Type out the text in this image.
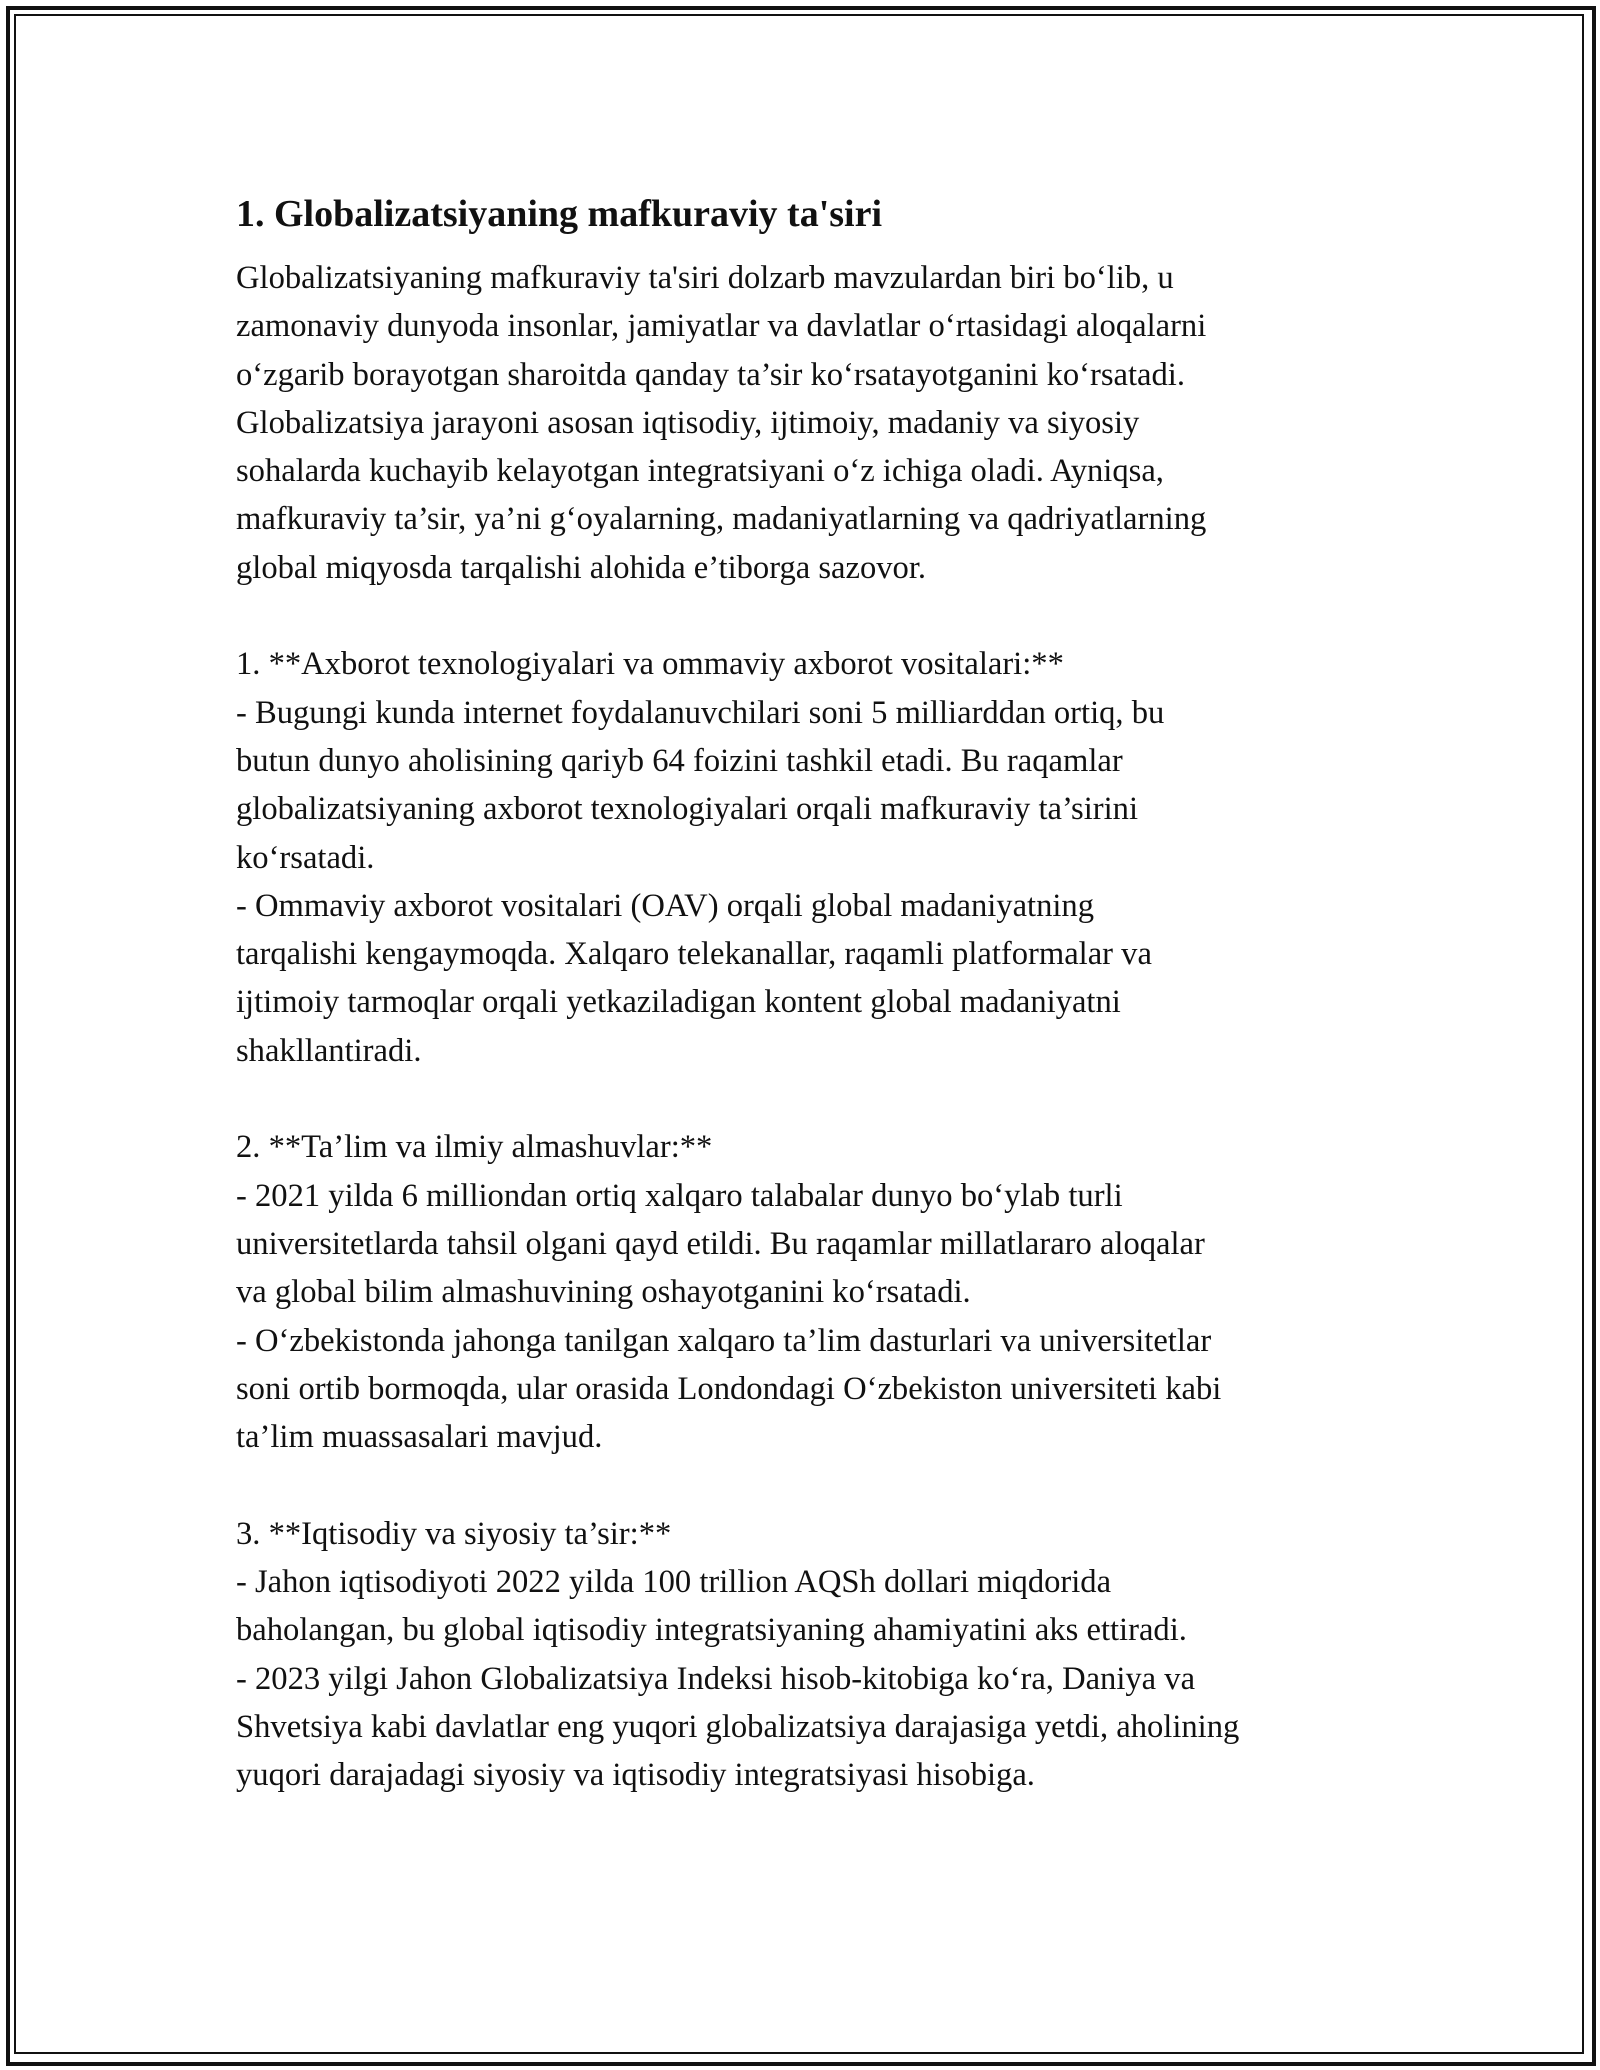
1. Globalizatsiyaning mafkuraviy ta'siri

Globalizatsiyaning mafkuraviy ta'siri dolzarb mavzulardan biri bo‘lib, u
zamonaviy dunyoda insonlar, jamiyatlar va davlatlar o‘rtasidagi aloqalarni
o‘zgarib borayotgan sharoitda qanday ta’sir ko‘rsatayotganini ko‘rsatadi.
Globalizatsiya jarayoni asosan iqtisodiy, ijtimoiy, madaniy va siyosiy
sohalarda kuchayib kelayotgan integratsiyani o‘z ichiga oladi. Ayniqsa,
mafkuraviy ta’sir, ya’ni g‘oyalarning, madaniyatlarning va qadriyatlarning
global miqyosda tarqalishi alohida e’tiborga sazovor.

1. **Axborot texnologiyalari va ommaviy axborot vositalari:**

- Bugungi kunda internet foydalanuvchilari soni 5 milliarddan ortiq, bu
butun dunyo aholisining qariyb 64 foizini tashkil etadi. Bu raqamlar
globalizatsiyaning axborot texnologiyalari orqali mafkuraviy ta’sirini
ko‘rsatadi.

- Ommaviy axborot vositalari (OAV) orqali global madaniyatning
tarqalishi kengaymoqda. Xalqaro telekanallar, raqamli platformalar va
ijtimoiy tarmoqlar orqali yetkaziladigan kontent global madaniyatni
shakllantiradi.

2. **Ta’lim va ilmiy almashuvlar:**

- 2021 yilda 6 milliondan ortiq xalqaro talabalar dunyo bo‘ylab turli
universitetlarda tahsil olgani qayd etildi. Bu raqamlar millatlararo aloqalar
va global bilim almashuvining oshayotganini ko‘rsatadi.

- O‘zbekistonda jahonga tanilgan xalqaro ta’lim dasturlari va universitetlar
soni ortib bormoqda, ular orasida Londondagi O‘zbekiston universiteti kabi
ta’lim muassasalari mavjud.

3. **Iqtisodiy va siyosiy ta’sir:**

- Jahon iqtisodiyoti 2022 yilda 100 trillion AQSh dollari miqdorida
baholangan, bu global iqtisodiy integratsiyaning ahamiyatini aks ettiradi.

- 2023 yilgi Jahon Globalizatsiya Indeksi hisob-kitobiga ko‘ra, Daniya va
Shvetsiya kabi davlatlar eng yuqori globalizatsiya darajasiga yetdi, aholining
yuqori darajadagi siyosiy va iqtisodiy integratsiyasi hisobiga.
